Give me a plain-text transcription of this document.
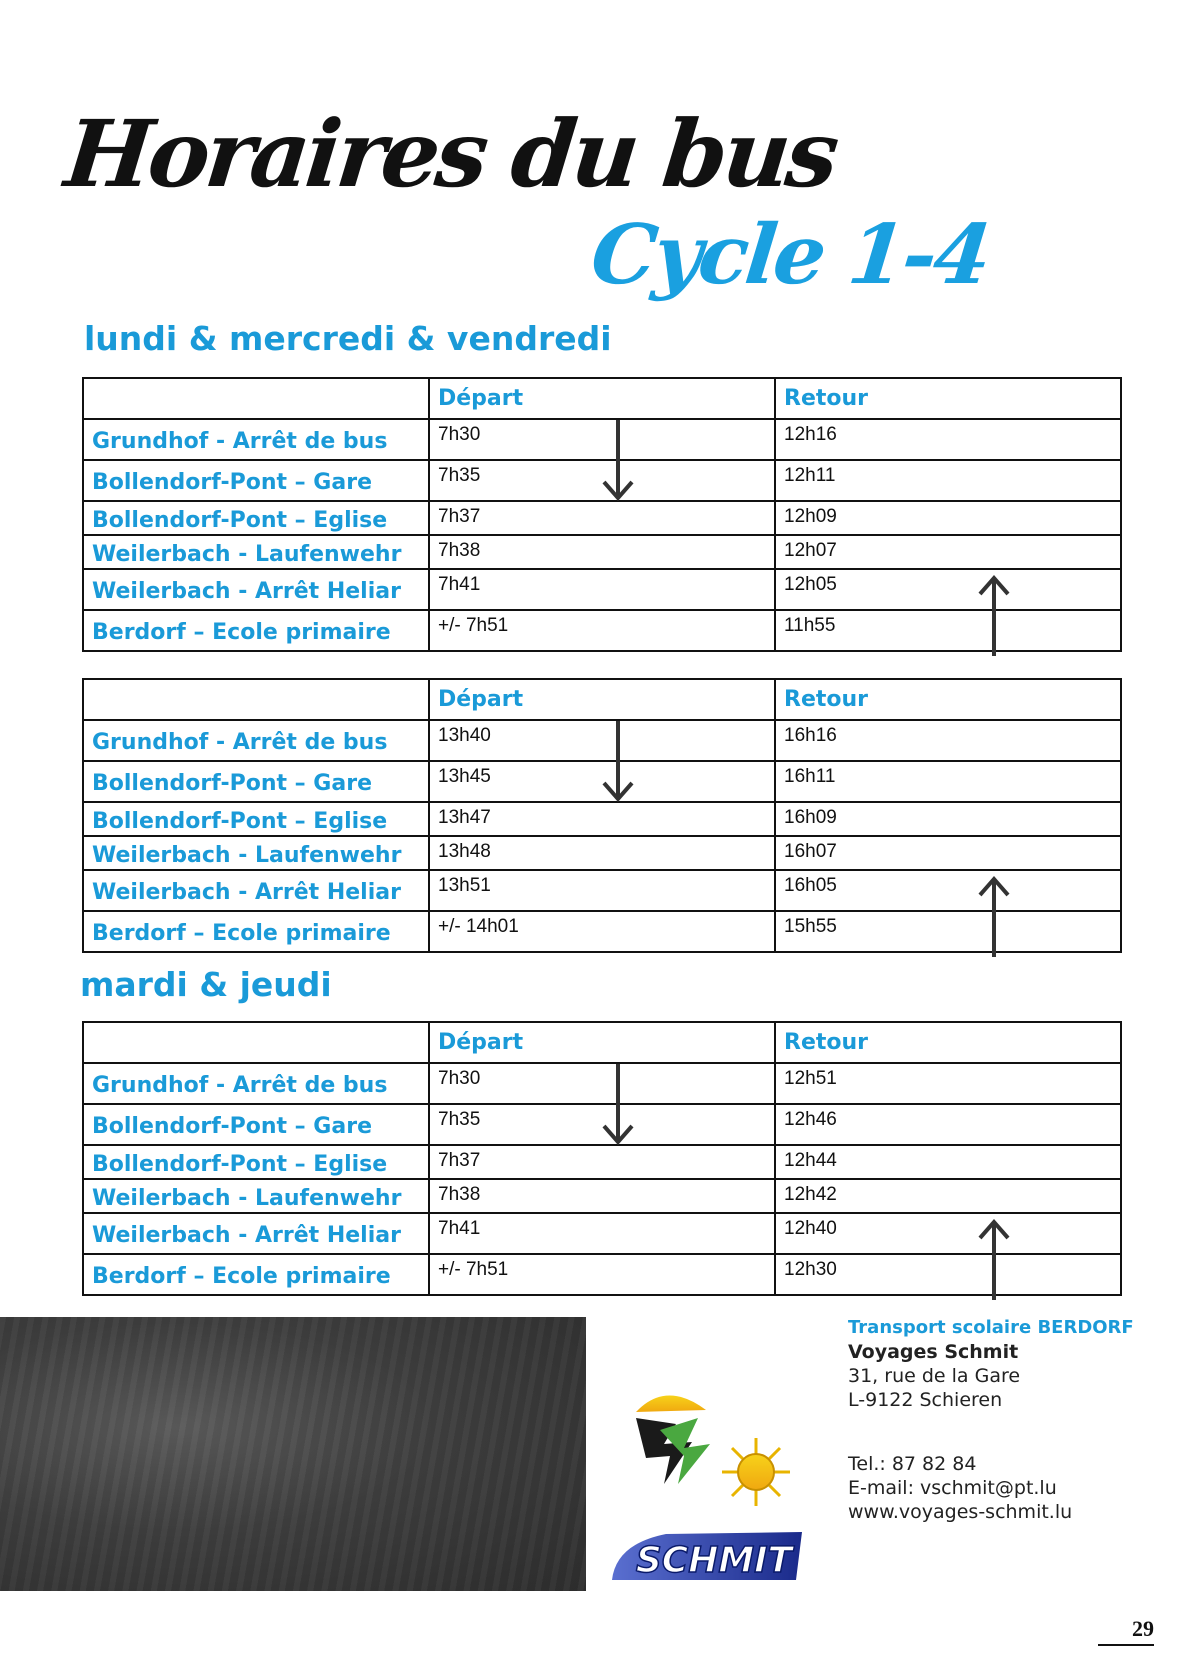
Horaires du bus
Cycle 1-4
lundi & mercredi & vendredi
	Départ	Retour
Grundhof - Arrêt de bus	7h30	12h16
Bollendorf-Pont – Gare	7h35	12h11
Bollendorf-Pont – Eglise	7h37	12h09
Weilerbach - Laufenwehr	7h38	12h07
Weilerbach - Arrêt Heliar	7h41	12h05

Berdorf – Ecole primaire	+/- 7h51	11h55
	Départ	Retour
Grundhof - Arrêt de bus	13h40	16h16
Bollendorf-Pont – Gare	13h45	16h11
Bollendorf-Pont – Eglise	13h47	16h09
Weilerbach - Laufenwehr	13h48	16h07
Weilerbach - Arrêt Heliar	13h51	16h05

Berdorf – Ecole primaire	+/- 14h01	15h55
mardi & jeudi
	Départ	Retour
Grundhof - Arrêt de bus	7h30	12h51
Bollendorf-Pont – Gare	7h35	12h46
Bollendorf-Pont – Eglise	7h37	12h44
Weilerbach - Laufenwehr	7h38	12h42
Weilerbach - Arrêt Heliar	7h41	12h40

Berdorf – Ecole primaire	+/- 7h51	12h30
SCHMIT
Transport scolaire BERDORF
Voyages Schmit
31, rue de la Gare
L-9122 Schieren
Tel.: 87 82 84
E-mail: vschmit@pt.lu
www.voyages-schmit.lu
29
